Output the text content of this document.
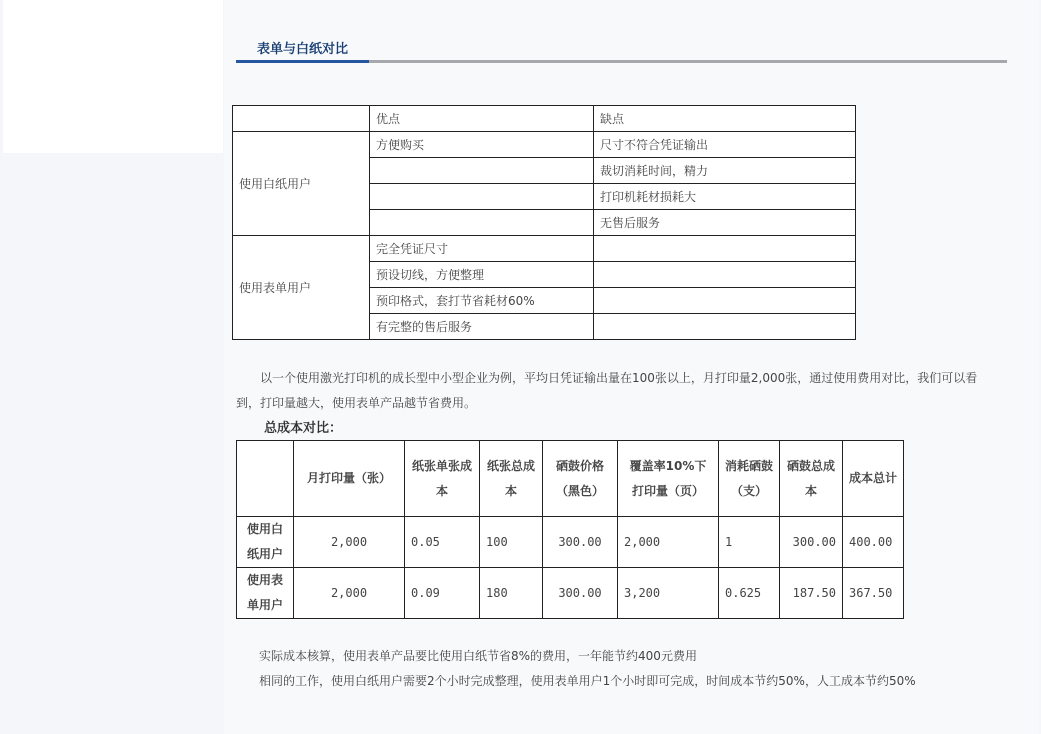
表单与白纸对比
	优点	缺点
使用白纸用户	方便购买	尺寸不符合凭证输出
		裁切消耗时间，精力
		打印机耗材损耗大
		无售后服务
使用表单用户	完全凭证尺寸	
	预设切线，方便整理	
	预印格式，套打节省耗材60%	
	有完整的售后服务	
以一个使用激光打印机的成长型中小型企业为例，平均日凭证输出量在100张以上，月打印量2,000张，通过使用费用对比，我们可以看到，打印量越大，使用表单产品越节省费用。
总成本对比：
	月打印量（张）	纸张单张成本	纸张总成本	硒鼓价格（黑色）	覆盖率10%下打印量（页）	消耗硒鼓（支）	硒鼓总成本	成本总计
使用白纸用户	2,000	0.05	100	300.00	2,000	1	300.00	400.00
使用表单用户	2,000	0.09	180	300.00	3,200	0.625	187.50	367.50
实际成本核算，使用表单产品要比使用白纸节省8%的费用，一年能节约400元费用
相同的工作，使用白纸用户需要2个小时完成整理，使用表单用户1个小时即可完成，时间成本节约50%，人工成本节约50%
